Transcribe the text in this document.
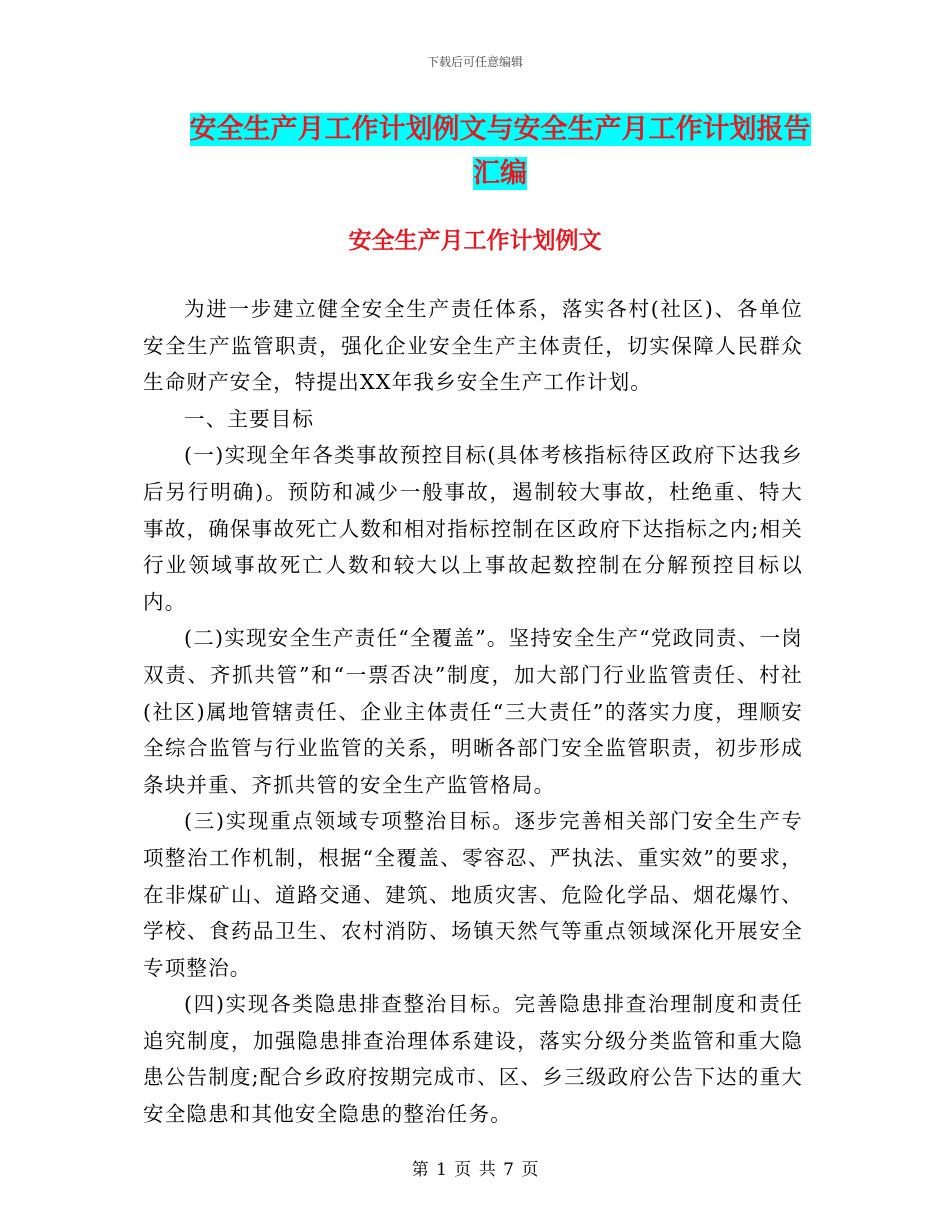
下载后可任意编辑
安全生产月工作计划例文与安全生产月工作计划报告
汇编
安全生产月工作计划例文

为进一步建立健全安全生产责任体系，落实各村(社区)、各单位安全生产监管职责，强化企业安全生产主体责任，切实保障人民群众生命财产安全，特提出XX年我乡安全生产工作计划。

一、主要目标

(一)实现全年各类事故预控目标(具体考核指标待区政府下达我乡后另行明确)。预防和减少一般事故，遏制较大事故，杜绝重、特大事故，确保事故死亡人数和相对指标控制在区政府下达指标之内;相关行业领域事故死亡人数和较大以上事故起数控制在分解预控目标以内。

(二)实现安全生产责任“全覆盖”。坚持安全生产“党政同责、一岗双责、齐抓共管”和“一票否决”制度，加大部门行业监管责任、村社(社区)属地管辖责任、企业主体责任“三大责任”的落实力度，理顺安全综合监管与行业监管的关系，明晰各部门安全监管职责，初步形成条块并重、齐抓共管的安全生产监管格局。

(三)实现重点领域专项整治目标。逐步完善相关部门安全生产专项整治工作机制，根据“全覆盖、零容忍、严执法、重实效”的要求，在非煤矿山、道路交通、建筑、地质灾害、危险化学品、烟花爆竹、学校、食药品卫生、农村消防、场镇天然气等重点领域深化开展安全专项整治。

(四)实现各类隐患排查整治目标。完善隐患排查治理制度和责任追究制度，加强隐患排查治理体系建设，落实分级分类监管和重大隐患公告制度;配合乡政府按期完成市、区、乡三级政府公告下达的重大安全隐患和其他安全隐患的整治任务。

第 1 页 共 7 页
